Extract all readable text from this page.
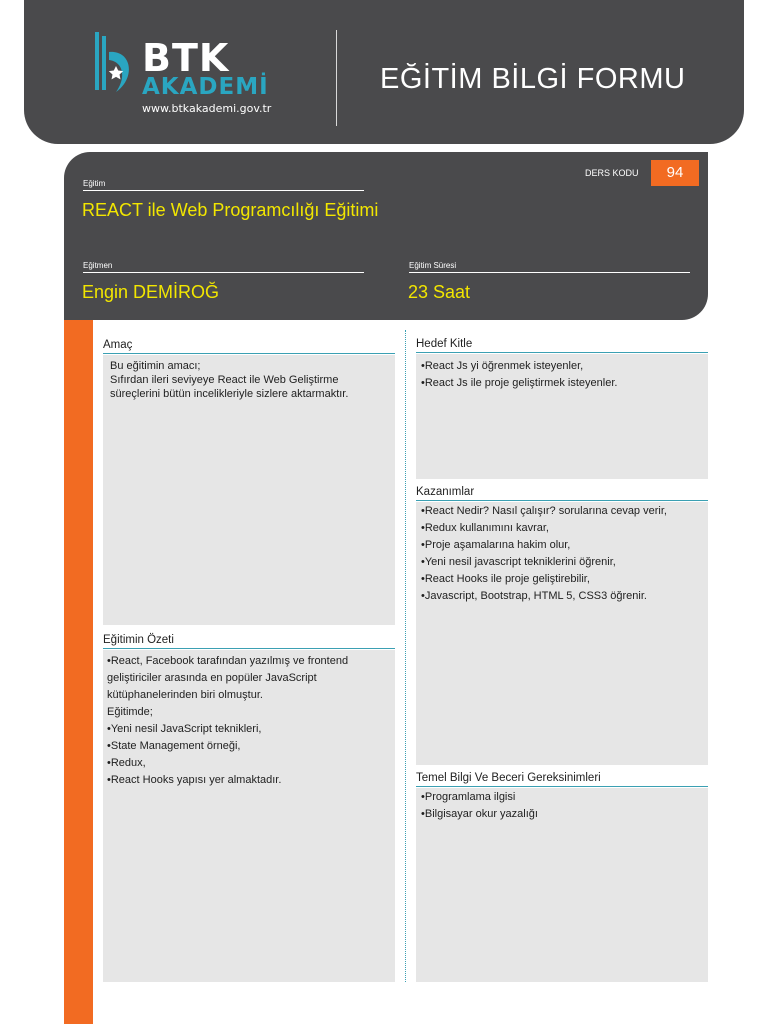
BTK
AKADEMİ
www.btkakademi.gov.tr
EĞİTİM BİLGİ FORMU
DERS KODU	94
Eğitim
REACT ile Web Programcılığı Eğitimi
Eğitmen
Engin DEMİROĞ
Eğitim Süresi
23 Saat
Amaç
Bu eğitimin amacı;
Sıfırdan ileri seviyeye React ile Web Geliştirme
süreçlerini bütün incelikleriyle sizlere aktarmaktır.
Eğitimin Özeti
•React, Facebook tarafından yazılmış ve frontend
geliştiriciler arasında en popüler JavaScript
kütüphanelerinden biri olmuştur.
Eğitimde;
•Yeni nesil JavaScript teknikleri,
•State Management örneği,
•Redux,
•React Hooks yapısı yer almaktadır.
Hedef Kitle
•React Js yi öğrenmek isteyenler,
•React Js ile proje geliştirmek isteyenler.
Kazanımlar
•React Nedir? Nasıl çalışır? sorularına cevap verir,
•Redux kullanımını kavrar,
•Proje aşamalarına hakim olur,
•Yeni nesil javascript tekniklerini öğrenir,
•React Hooks ile proje geliştirebilir,
•Javascript, Bootstrap, HTML 5, CSS3 öğrenir.
Temel Bilgi Ve Beceri Gereksinimleri
•Programlama ilgisi
•Bilgisayar okur yazalığı
